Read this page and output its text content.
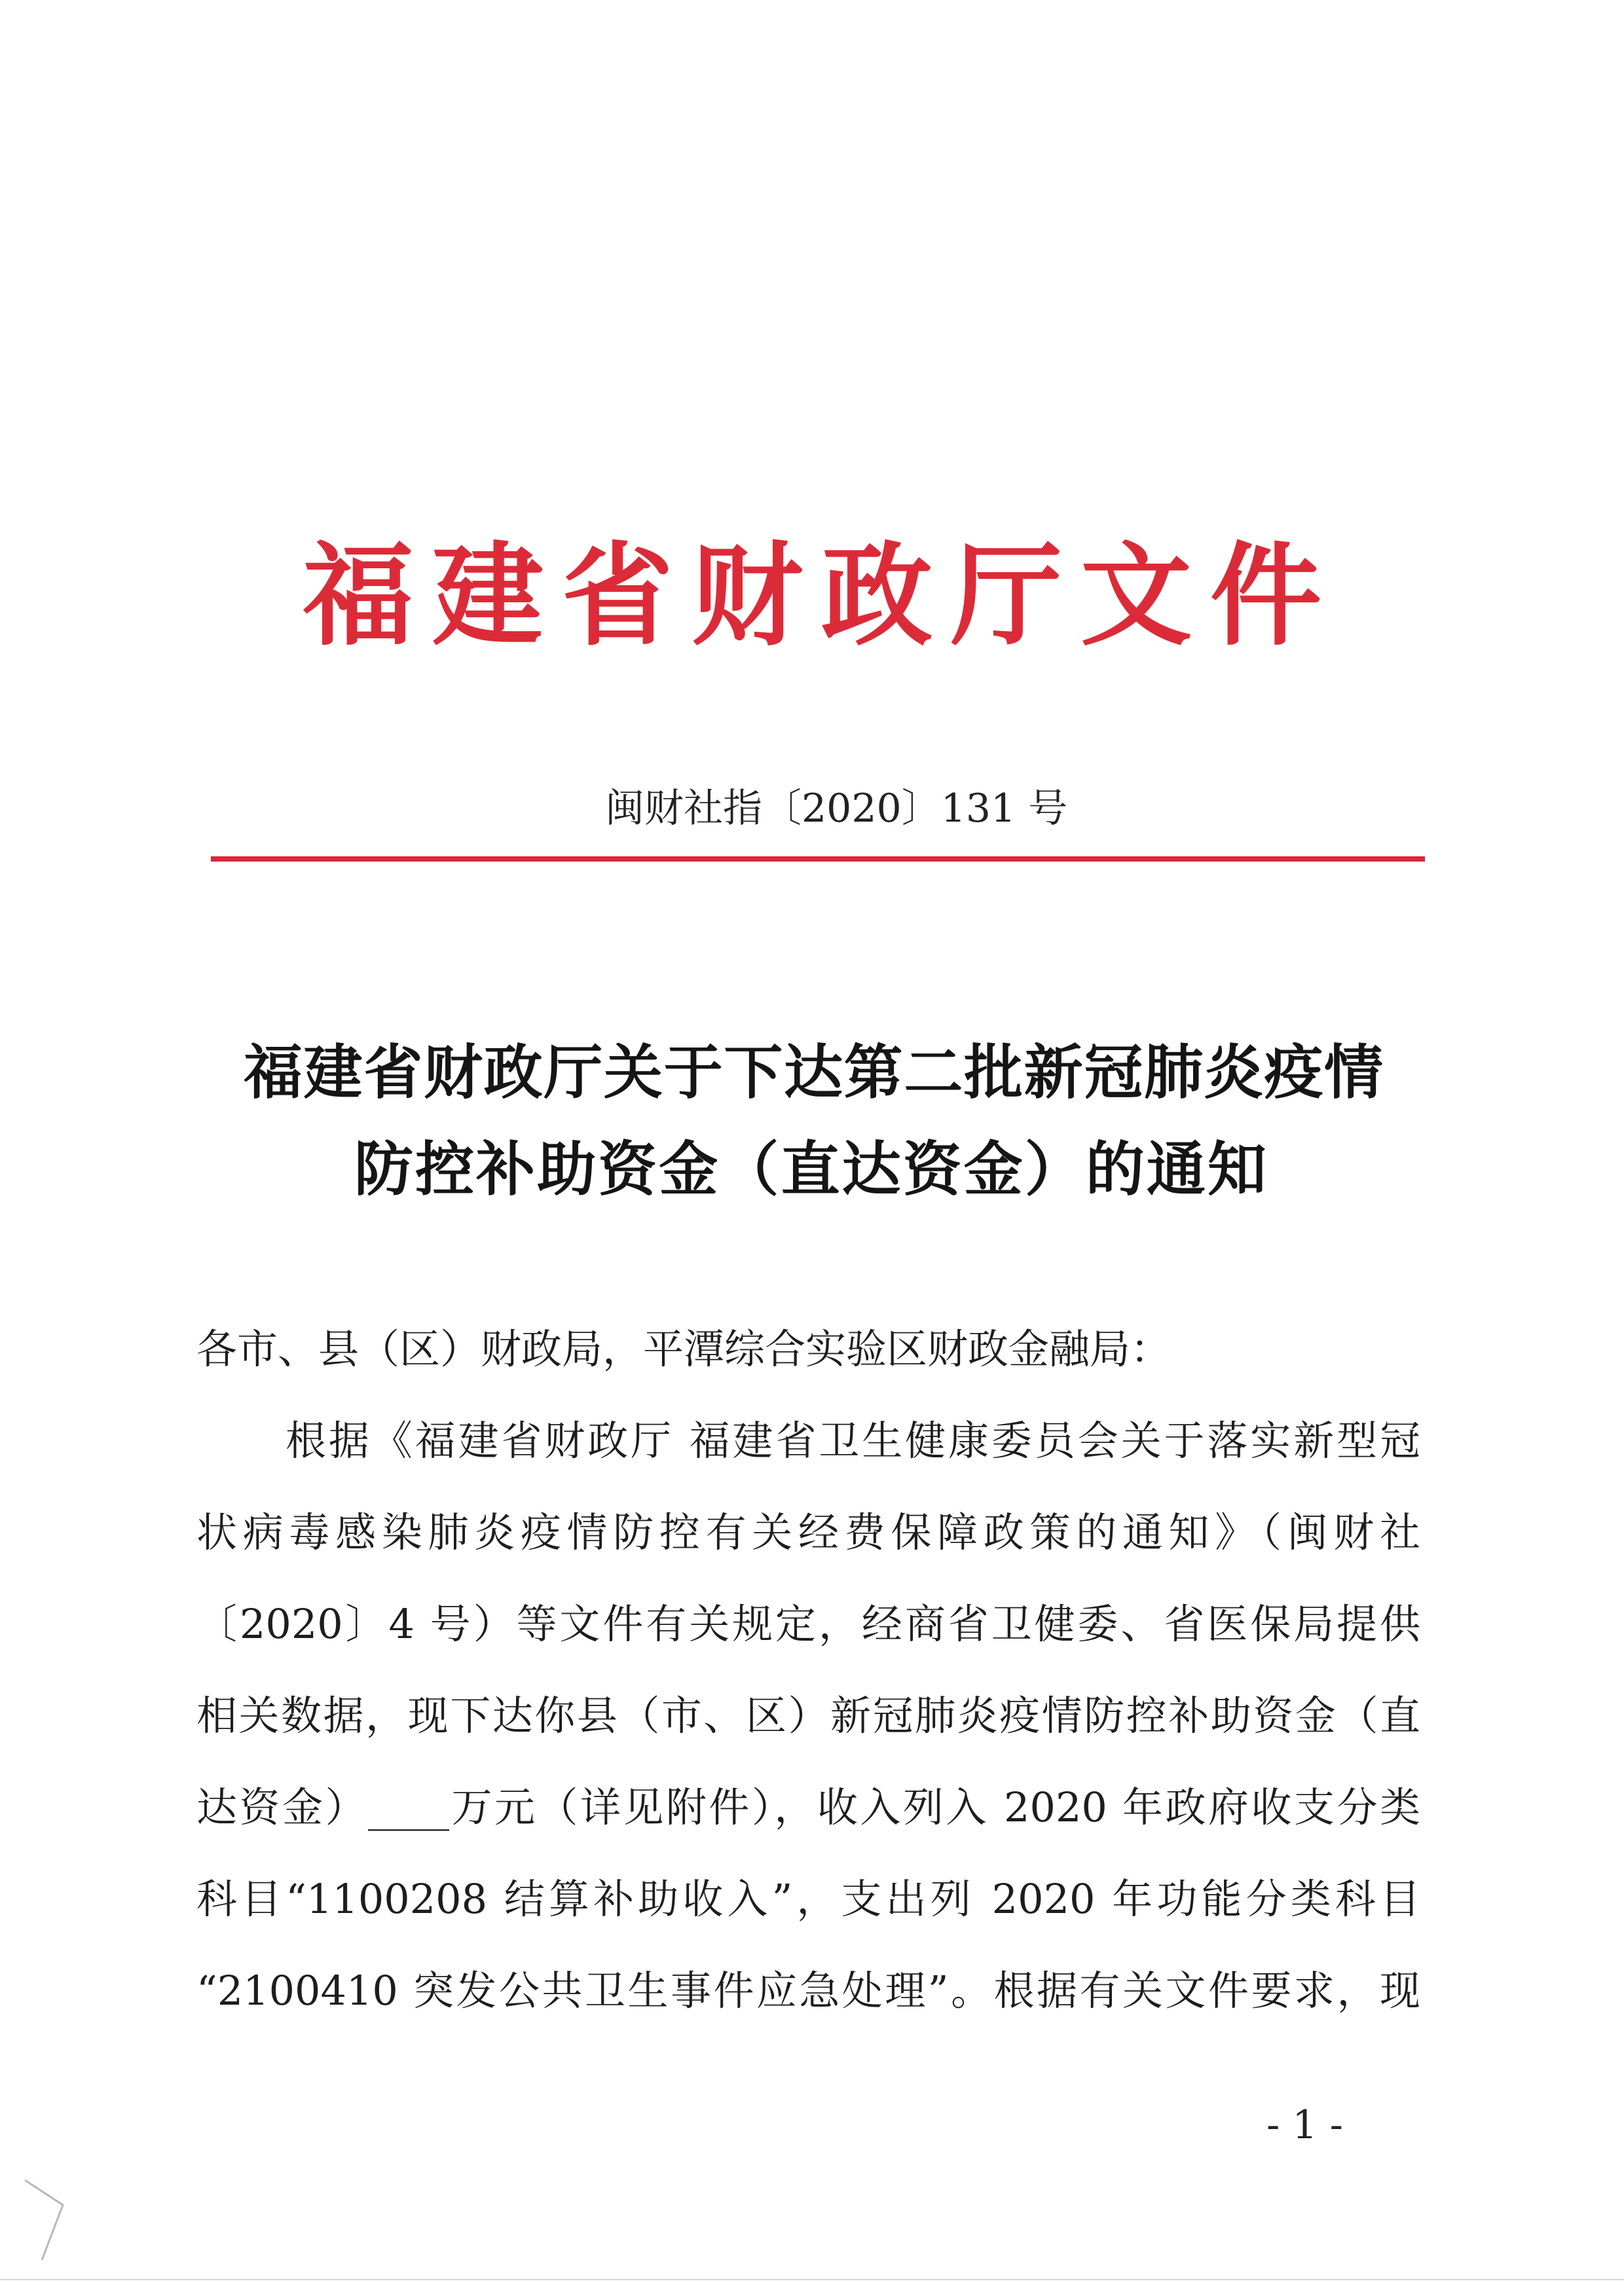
福建省财政厅文件
闽财社指〔2020〕131 号
福建省财政厅关于下达第二批新冠肺炎疫情
防控补助资金（直达资金）的通知
各市、县（区）财政局，平潭综合实验区财政金融局：
根据《福建省财政厅 福建省卫生健康委员会关于落实新型冠
状病毒感染肺炎疫情防控有关经费保障政策的通知》（闽财社
〔2020〕4 号）等文件有关规定，经商省卫健委、省医保局提供
相关数据，现下达你县（市、区）新冠肺炎疫情防控补助资金（直
达资金）____万元（详见附件），收入列入 2020 年政府收支分类
科目“1100208 结算补助收入”，支出列 2020 年功能分类科目
“2100410 突发公共卫生事件应急处理”。根据有关文件要求，现
- 1 -
